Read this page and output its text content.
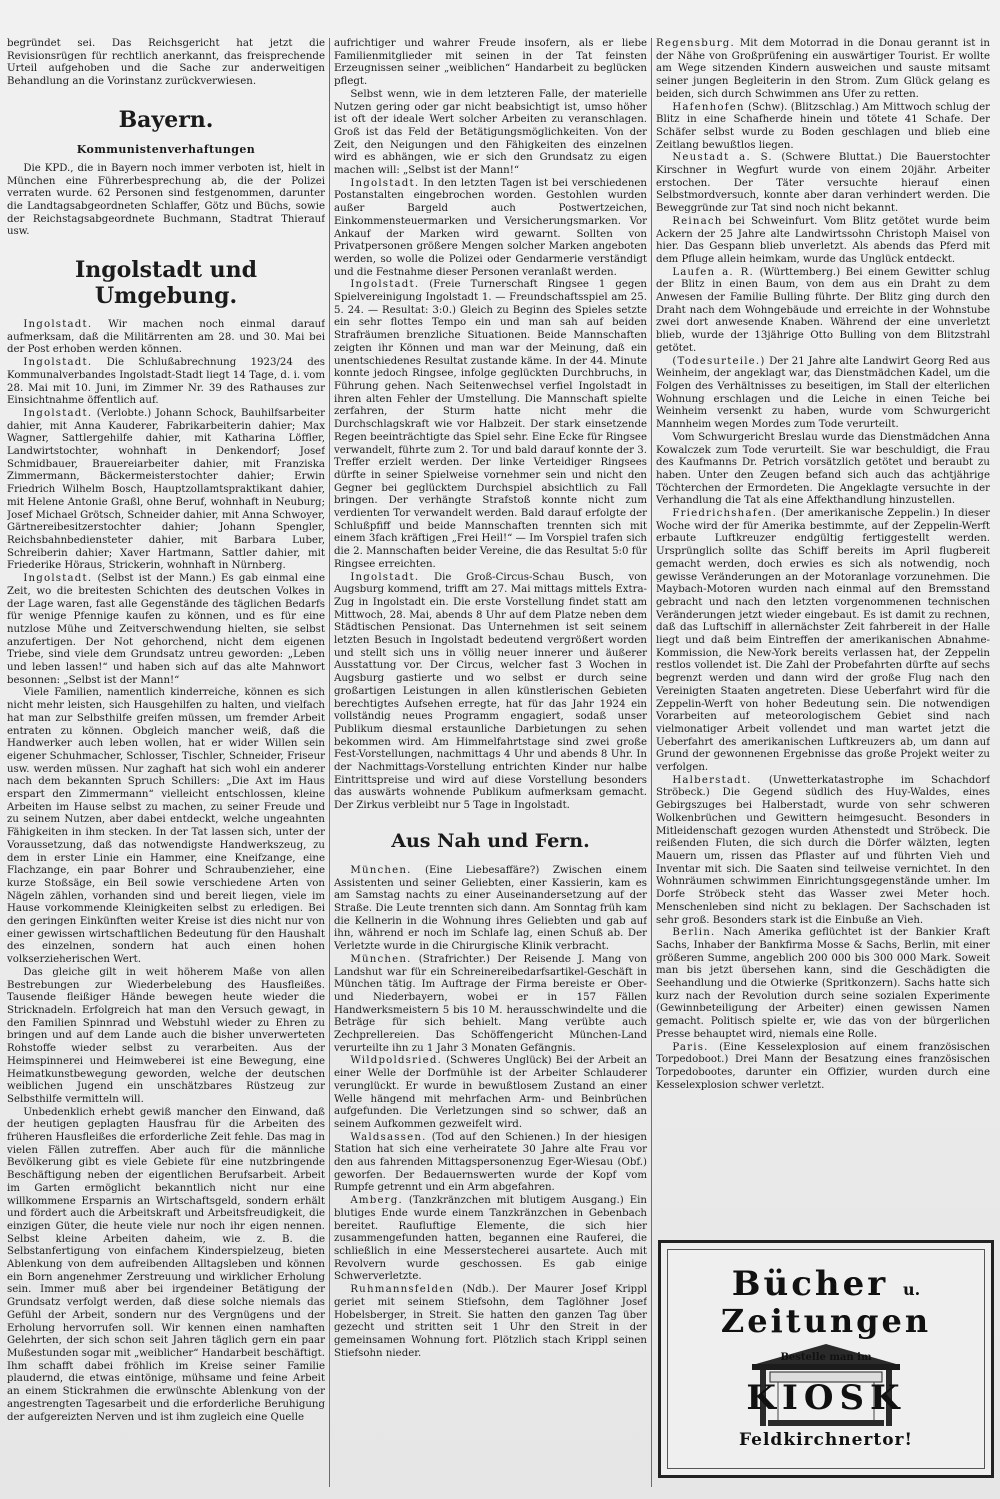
begründet sei. Das Reichsgericht hat jetzt die Revisionsrügen für rechtlich anerkannt, das freisprechende Urteil aufgehoben und die Sache zur anderweitigen Behandlung an die Vorinstanz zurückverwiesen.

Bayern.
Kommunistenverhaftungen

Die KPD., die in Bayern noch immer verboten ist, hielt in München eine Führerbesprechung ab, die der Polizei verraten wurde. 62 Personen sind festgenommen, darunter die Landtagsabgeordneten Schlaffer, Götz und Büchs, sowie der Reichstagsabgeordnete Buchmann, Stadtrat Thierauf usw.

Ingolstadt und Umgebung.

Ingolstadt. Wir machen noch einmal darauf aufmerksam, daß die Militärrenten am 28. und 30. Mai bei der Post erhoben werden können.

Ingolstadt. Die Schlußabrechnung 1923/24 des Kommunalverbandes Ingolstadt-Stadt liegt 14 Tage, d. i. vom 28. Mai mit 10. Juni, im Zimmer Nr. 39 des Rathauses zur Einsichtnahme öffentlich auf.

Ingolstadt. (Verlobte.) Johann Schock, Bauhilfsarbeiter dahier, mit Anna Kauderer, Fabrikarbeiterin dahier; Max Wagner, Sattlergehilfe dahier, mit Katharina Löffler, Landwirtstochter, wohnhaft in Denkendorf; Josef Schmidbauer, Brauereiarbeiter dahier, mit Franziska Zimmermann, Bäckermeisterstochter dahier; Erwin Friedrich Wilhelm Bosch, Hauptzollamtspraktikant dahier, mit Helene Antonie Graßl, ohne Beruf, wohnhaft in Neuburg; Josef Michael Grötsch, Schneider dahier, mit Anna Schwoyer, Gärtnereibesitzerstochter dahier; Johann Spengler, Reichsbahnbediensteter dahier, mit Barbara Luber, Schreiberin dahier; Xaver Hartmann, Sattler dahier, mit Friederike Höraus, Strickerin, wohnhaft in Nürnberg.

Ingolstadt. (Selbst ist der Mann.) Es gab einmal eine Zeit, wo die breitesten Schichten des deutschen Volkes in der Lage waren, fast alle Gegenstände des täglichen Bedarfs für wenige Pfennige kaufen zu können, und es für eine nutzlose Mühe und Zeitverschwendung hielten, sie selbst anzufertigen. Der Not gehorchend, nicht dem eigenen Triebe, sind viele dem Grundsatz untreu geworden: „Leben und leben lassen!“ und haben sich auf das alte Mahnwort besonnen: „Selbst ist der Mann!“

Viele Familien, namentlich kinderreiche, können es sich nicht mehr leisten, sich Hausgehilfen zu halten, und vielfach hat man zur Selbsthilfe greifen müssen, um fremder Arbeit entraten zu können. Obgleich mancher weiß, daß die Handwerker auch leben wollen, hat er wider Willen sein eigener Schuhmacher, Schlosser, Tischler, Schneider, Friseur usw. werden müssen. Nur zaghaft hat sich wohl ein anderer nach dem bekannten Spruch Schillers: „Die Axt im Haus erspart den Zimmermann“ vielleicht entschlossen, kleine Arbeiten im Hause selbst zu machen, zu seiner Freude und zu seinem Nutzen, aber dabei entdeckt, welche ungeahnten Fähigkeiten in ihm stecken. In der Tat lassen sich, unter der Voraussetzung, daß das notwendigste Handwerkszeug, zu dem in erster Linie ein Hammer, eine Kneifzange, eine Flachzange, ein paar Bohrer und Schraubenzieher, eine kurze Stoßsäge, ein Beil sowie verschiedene Arten von Nägeln zählen, vorhanden sind und bereit liegen, viele im Hause vorkommende Kleinigkeiten selbst zu erledigen. Bei den geringen Einkünften weiter Kreise ist dies nicht nur von einer gewissen wirtschaftlichen Bedeutung für den Haushalt des einzelnen, sondern hat auch einen hohen volkserzieherischen Wert.

Das gleiche gilt in weit höherem Maße von allen Bestrebungen zur Wiederbelebung des Hausfleißes. Tausende fleißiger Hände bewegen heute wieder die Stricknadeln. Erfolgreich hat man den Versuch gewagt, in den Familien Spinnrad und Webstuhl wieder zu Ehren zu bringen und auf dem Lande auch die bisher unverwerteten Rohstoffe wieder selbst zu verarbeiten. Aus der Heimspinnerei und Heimweberei ist eine Bewegung, eine Heimatkunstbewegung geworden, welche der deutschen weiblichen Jugend ein unschätzbares Rüstzeug zur Selbsthilfe vermitteln will.

Unbedenklich erhebt gewiß mancher den Einwand, daß der heutigen geplagten Hausfrau für die Arbeiten des früheren Hausfleißes die erforderliche Zeit fehle. Das mag in vielen Fällen zutreffen. Aber auch für die männliche Bevölkerung gibt es viele Gebiete für eine nutzbringende Beschäftigung neben der eigentlichen Berufsarbeit. Arbeit im Garten ermöglicht bekanntlich nicht nur eine willkommene Ersparnis an Wirtschaftsgeld, sondern erhält und fördert auch die Arbeitskraft und Arbeitsfreudigkeit, die einzigen Güter, die heute viele nur noch ihr eigen nennen. Selbst kleine Arbeiten daheim, wie z. B. die Selbstanfertigung von einfachem Kinderspielzeug, bieten Ablenkung von dem aufreibenden Alltagsleben und können ein Born angenehmer Zerstreuung und wirklicher Erholung sein. Immer muß aber bei irgendeiner Betätigung der Grundsatz verfolgt werden, daß diese solche niemals das Gefühl der Arbeit, sondern nur des Vergnügens und der Erholung hervorrufen soll. Wir kennen einen namhaften Gelehrten, der sich schon seit Jahren täglich gern ein paar Mußestunden sogar mit „weiblicher“ Handarbeit beschäftigt. Ihm schafft dabei fröhlich im Kreise seiner Familie plaudernd, die etwas eintönige, mühsame und feine Arbeit an einem Stickrahmen die erwünschte Ablenkung von der angestrengten Tagesarbeit und die erforderliche Beruhigung der aufgereizten Nerven und ist ihm zugleich eine Quelle

aufrichtiger und wahrer Freude insofern, als er liebe Familienmitglieder mit seinen in der Tat feinsten Erzeugnissen seiner „weiblichen“ Handarbeit zu beglücken pflegt.

Selbst wenn, wie in dem letzteren Falle, der materielle Nutzen gering oder gar nicht beabsichtigt ist, umso höher ist oft der ideale Wert solcher Arbeiten zu veranschlagen. Groß ist das Feld der Betätigungsmöglichkeiten. Von der Zeit, den Neigungen und den Fähigkeiten des einzelnen wird es abhängen, wie er sich den Grundsatz zu eigen machen will: „Selbst ist der Mann!“

Ingolstadt. In den letzten Tagen ist bei verschiedenen Postanstalten eingebrochen worden. Gestohlen wurden außer Bargeld auch Postwertzeichen, Einkommensteuermarken und Versicherungsmarken. Vor Ankauf der Marken wird gewarnt. Sollten von Privatpersonen größere Mengen solcher Marken angeboten werden, so wolle die Polizei oder Gendarmerie verständigt und die Festnahme dieser Personen veranlaßt werden.

Ingolstadt. (Freie Turnerschaft Ringsee 1 gegen Spielvereinigung Ingolstadt 1. — Freundschaftsspiel am 25. 5. 24. — Resultat: 3:0.) Gleich zu Beginn des Spieles setzte ein sehr flottes Tempo ein und man sah auf beiden Strafräumen brenzliche Situationen. Beide Mannschaften zeigten ihr Können und man war der Meinung, daß ein unentschiedenes Resultat zustande käme. In der 44. Minute konnte jedoch Ringsee, infolge geglückten Durchbruchs, in Führung gehen. Nach Seitenwechsel verfiel Ingolstadt in ihren alten Fehler der Umstellung. Die Mannschaft spielte zerfahren, der Sturm hatte nicht mehr die Durchschlagskraft wie vor Halbzeit. Der stark einsetzende Regen beeinträchtigte das Spiel sehr. Eine Ecke für Ringsee verwandelt, führte zum 2. Tor und bald darauf konnte der 3. Treffer erzielt werden. Der linke Verteidiger Ringsees dürfte in seiner Spielweise vornehmer sein und nicht den Gegner bei geglücktem Durchspiel absichtlich zu Fall bringen. Der verhängte Strafstoß konnte nicht zum verdienten Tor verwandelt werden. Bald darauf erfolgte der Schlußpfiff und beide Mannschaften trennten sich mit einem 3fach kräftigen „Frei Heil!“ — Im Vorspiel trafen sich die 2. Mannschaften beider Vereine, die das Resultat 5:0 für Ringsee erreichten.

Ingolstadt. Die Groß-Circus-Schau Busch, von Augsburg kommend, trifft am 27. Mai mittags mittels Extra-Zug in Ingolstadt ein. Die erste Vorstellung findet statt am Mittwoch, 28. Mai, abends 8 Uhr auf dem Platze neben dem Städtischen Pensionat. Das Unternehmen ist seit seinem letzten Besuch in Ingolstadt bedeutend vergrößert worden und stellt sich uns in völlig neuer innerer und äußerer Ausstattung vor. Der Circus, welcher fast 3 Wochen in Augsburg gastierte und wo selbst er durch seine großartigen Leistungen in allen künstlerischen Gebieten berechtigtes Aufsehen erregte, hat für das Jahr 1924 ein vollständig neues Programm engagiert, sodaß unser Publikum diesmal erstaunliche Darbietungen zu sehen bekommen wird. Am Himmelfahrtstage sind zwei große Fest-Vorstellungen, nachmittags 4 Uhr und abends 8 Uhr. In der Nachmittags-Vorstellung entrichten Kinder nur halbe Eintrittspreise und wird auf diese Vorstellung besonders das auswärts wohnende Publikum aufmerksam gemacht. Der Zirkus verbleibt nur 5 Tage in Ingolstadt.

Aus Nah und Fern.

München. (Eine Liebesaffäre?) Zwischen einem Assistenten und seiner Geliebten, einer Kassierin, kam es am Samstag nachts zu einer Auseinandersetzung auf der Straße. Die Leute trennten sich dann. Am Sonntag früh kam die Kellnerin in die Wohnung ihres Geliebten und gab auf ihn, während er noch im Schlafe lag, einen Schuß ab. Der Verletzte wurde in die Chirurgische Klinik verbracht.

München. (Strafrichter.) Der Reisende J. Mang von Landshut war für ein Schreinereibedarfsartikel-Geschäft in München tätig. Im Auftrage der Firma bereiste er Ober- und Niederbayern, wobei er in 157 Fällen Handwerksmeistern 5 bis 10 M. herausschwindelte und die Beträge für sich behielt. Mang verübte auch Zechprellereien. Das Schöffengericht München-Land verurteilte ihn zu 1 Jahr 3 Monaten Gefängnis.

Wildpoldsried. (Schweres Unglück) Bei der Arbeit an einer Welle der Dorfmühle ist der Arbeiter Schlauderer verunglückt. Er wurde in bewußtlosem Zustand an einer Welle hängend mit mehrfachen Arm- und Beinbrüchen aufgefunden. Die Verletzungen sind so schwer, daß an seinem Aufkommen gezweifelt wird.

Waldsassen. (Tod auf den Schienen.) In der hiesigen Station hat sich eine verheiratete 30 Jahre alte Frau vor den aus fahrenden Mittagspersonenzug Eger-Wiesau (Obf.) geworfen. Der Bedauernswerten wurde der Kopf vom Rumpfe getrennt und ein Arm abgefahren.

Amberg. (Tanzkränzchen mit blutigem Ausgang.) Ein blutiges Ende wurde einem Tanzkränzchen in Gebenbach bereitet. Raufluftige Elemente, die sich hier zusammengefunden hatten, begannen eine Rauferei, die schließlich in eine Messerstecherei ausartete. Auch mit Revolvern wurde geschossen. Es gab einige Schwerverletzte.

Ruhmannsfelden (Ndb.). Der Maurer Josef Krippl geriet mit seinem Stiefsohn, dem Taglöhner Josef Hobelsberger, in Streit. Sie hatten den ganzen Tag über gezecht und stritten seit 1 Uhr den Streit in der gemeinsamen Wohnung fort. Plötzlich stach Krippl seinen Stiefsohn nieder.

Regensburg. Mit dem Motorrad in die Donau gerannt ist in der Nähe von Großprüfening ein auswärtiger Tourist. Er wollte am Wege sitzenden Kindern ausweichen und sauste mitsamt seiner jungen Begleiterin in den Strom. Zum Glück gelang es beiden, sich durch Schwimmen ans Ufer zu retten.

Hafenhofen (Schw). (Blitzschlag.) Am Mittwoch schlug der Blitz in eine Schafherde hinein und tötete 41 Schafe. Der Schäfer selbst wurde zu Boden geschlagen und blieb eine Zeitlang bewußtlos liegen.

Neustadt a. S. (Schwere Bluttat.) Die Bauerstochter Kirschner in Wegfurt wurde von einem 20jähr. Arbeiter erstochen. Der Täter versuchte hierauf einen Selbstmordversuch, konnte aber daran verhindert werden. Die Beweggründe zur Tat sind noch nicht bekannt.

Reinach bei Schweinfurt. Vom Blitz getötet wurde beim Ackern der 25 Jahre alte Landwirtssohn Christoph Maisel von hier. Das Gespann blieb unverletzt. Als abends das Pferd mit dem Pfluge allein heimkam, wurde das Unglück entdeckt.

Laufen a. R. (Württemberg.) Bei einem Gewitter schlug der Blitz in einen Baum, von dem aus ein Draht zu dem Anwesen der Familie Bulling führte. Der Blitz ging durch den Draht nach dem Wohngebäude und erreichte in der Wohnstube zwei dort anwesende Knaben. Während der eine unverletzt blieb, wurde der 13jährige Otto Bulling von dem Blitzstrahl getötet.

(Todesurteile.) Der 21 Jahre alte Landwirt Georg Red aus Weinheim, der angeklagt war, das Dienstmädchen Kadel, um die Folgen des Verhältnisses zu beseitigen, im Stall der elterlichen Wohnung erschlagen und die Leiche in einen Teiche bei Weinheim versenkt zu haben, wurde vom Schwurgericht Mannheim wegen Mordes zum Tode verurteilt.

Vom Schwurgericht Breslau wurde das Dienstmädchen Anna Kowalczek zum Tode verurteilt. Sie war beschuldigt, die Frau des Kaufmanns Dr. Petrich vorsätzlich getötet und beraubt zu haben. Unter den Zeugen befand sich auch das achtjährige Töchterchen der Ermordeten. Die Angeklagte versuchte in der Verhandlung die Tat als eine Affekthandlung hinzustellen.

Friedrichshafen. (Der amerikanische Zeppelin.) In dieser Woche wird der für Amerika bestimmte, auf der Zeppelin-Werft erbaute Luftkreuzer endgültig fertiggestellt werden. Ursprünglich sollte das Schiff bereits im April flugbereit gemacht werden, doch erwies es sich als notwendig, noch gewisse Veränderungen an der Motoranlage vorzunehmen. Die Maybach-Motoren wurden nach einmal auf den Bremsstand gebracht und nach den letzten vorgenommenen technischen Veränderungen jetzt wieder eingebaut. Es ist damit zu rechnen, daß das Luftschiff in allernächster Zeit fahrbereit in der Halle liegt und daß beim Eintreffen der amerikanischen Abnahme-Kommission, die New-York bereits verlassen hat, der Zeppelin restlos vollendet ist. Die Zahl der Probefahrten dürfte auf sechs begrenzt werden und dann wird der große Flug nach den Vereinigten Staaten angetreten. Diese Ueberfahrt wird für die Zeppelin-Werft von hoher Bedeutung sein. Die notwendigen Vorarbeiten auf meteorologischem Gebiet sind nach vielmonatiger Arbeit vollendet und man wartet jetzt die Ueberfahrt des amerikanischen Luftkreuzers ab, um dann auf Grund der gewonnenen Ergebnisse das große Projekt weiter zu verfolgen.

Halberstadt. (Unwetterkatastrophe im Schachdorf Ströbeck.) Die Gegend südlich des Huy-Waldes, eines Gebirgszuges bei Halberstadt, wurde von sehr schweren Wolkenbrüchen und Gewittern heimgesucht. Besonders in Mitleidenschaft gezogen wurden Athenstedt und Ströbeck. Die reißenden Fluten, die sich durch die Dörfer wälzten, legten Mauern um, rissen das Pflaster auf und führten Vieh und Inventar mit sich. Die Saaten sind teilweise vernichtet. In den Wohnräumen schwimmen Einrichtungsgegenstände umher. Im Dorfe Ströbeck steht das Wasser zwei Meter hoch. Menschenleben sind nicht zu beklagen. Der Sachschaden ist sehr groß. Besonders stark ist die Einbuße an Vieh.

Berlin. Nach Amerika geflüchtet ist der Bankier Kraft Sachs, Inhaber der Bankfirma Mosse & Sachs, Berlin, mit einer größeren Summe, angeblich 200 000 bis 300 000 Mark. Soweit man bis jetzt übersehen kann, sind die Geschädigten die Seehandlung und die Otwierke (Spritkonzern). Sachs hatte sich kurz nach der Revolution durch seine sozialen Experimente (Gewinnbeteiligung der Arbeiter) einen gewissen Namen gemacht. Politisch spielte er, wie das von der bürgerlichen Presse behauptet wird, niemals eine Rolle.

Paris. (Eine Kesselexplosion auf einem französischen Torpedoboot.) Drei Mann der Besatzung eines französischen Torpedobootes, darunter ein Offizier, wurden durch eine Kesselexplosion schwer verletzt.

Bücher u.
Zeitungen
Bestelle man im
KIOSK
Feldkirchnertor!
